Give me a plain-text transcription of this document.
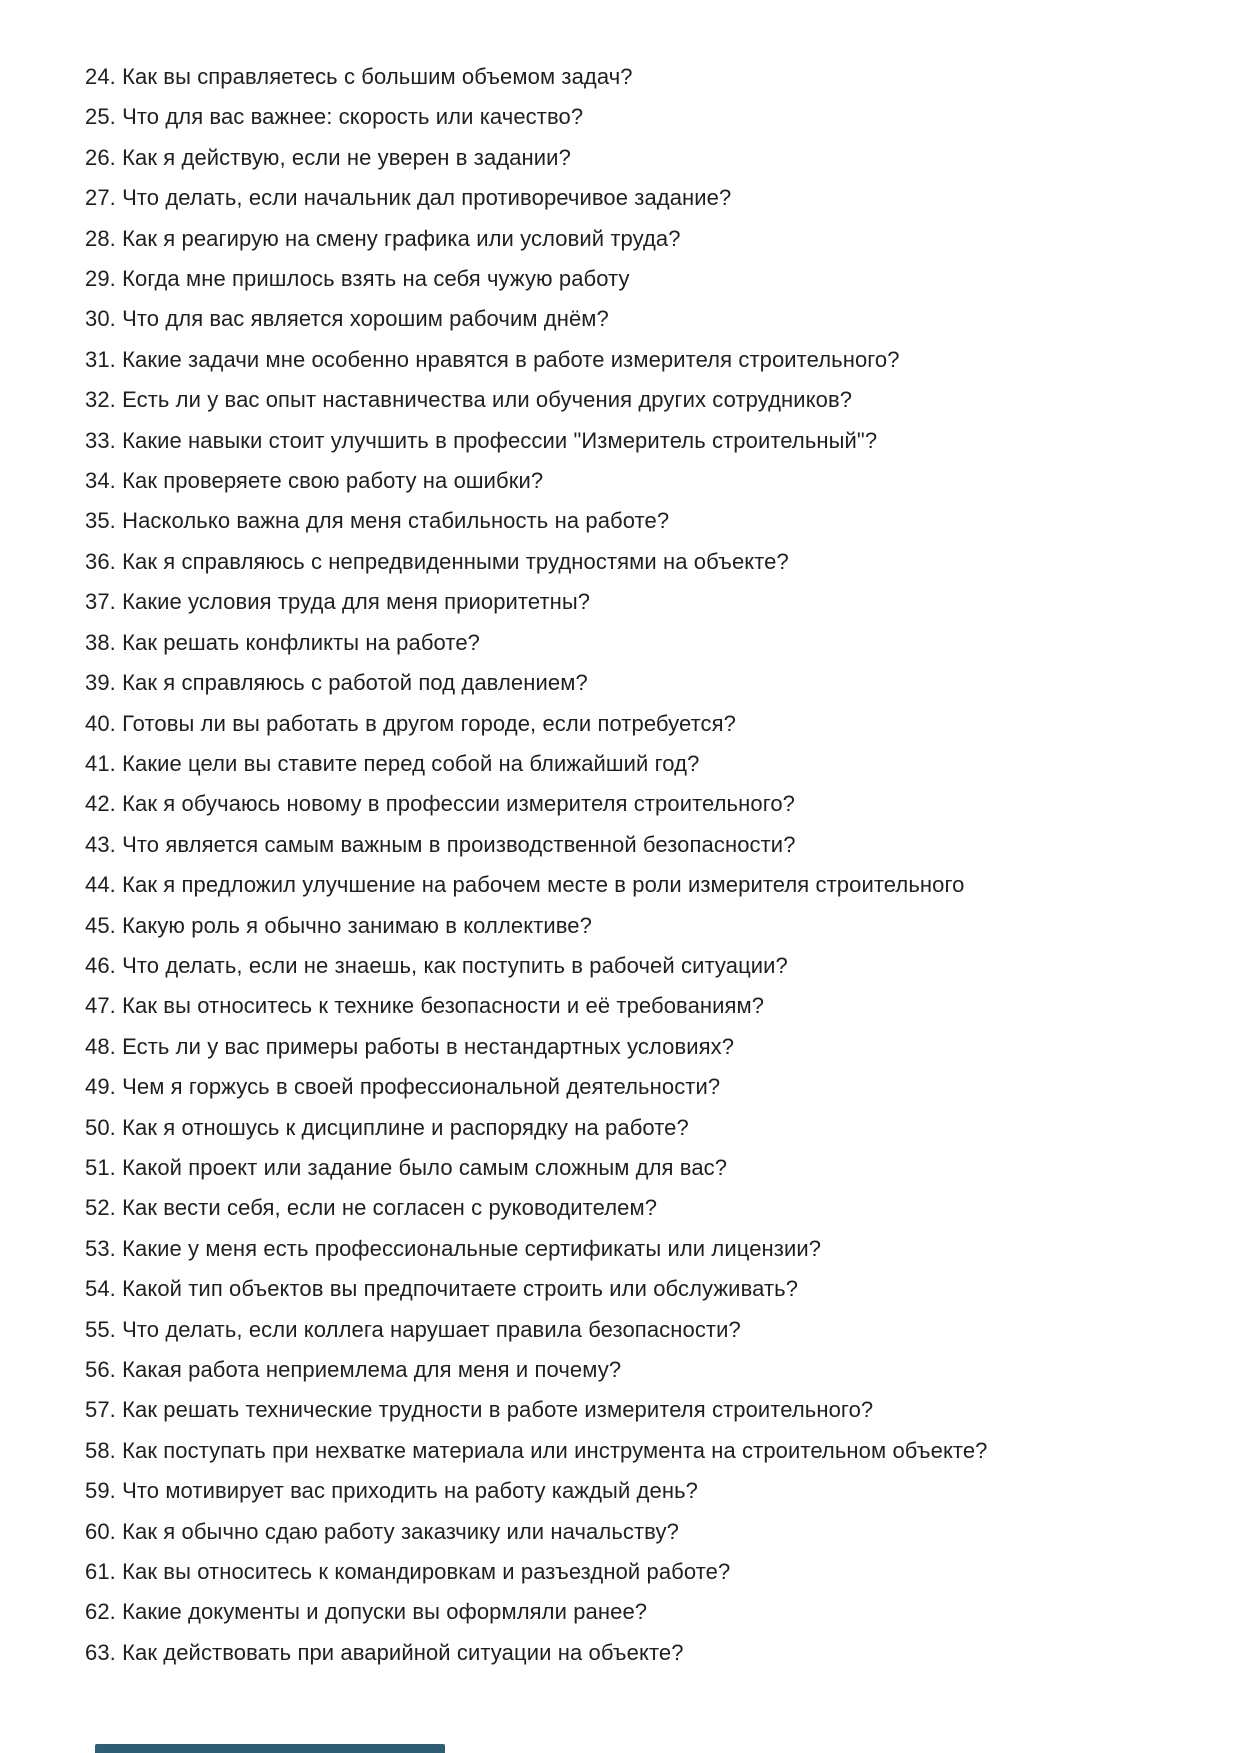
24. Как вы справляетесь с большим объемом задач?
25. Что для вас важнее: скорость или качество?
26. Как я действую, если не уверен в задании?
27. Что делать, если начальник дал противоречивое задание?
28. Как я реагирую на смену графика или условий труда?
29. Когда мне пришлось взять на себя чужую работу
30. Что для вас является хорошим рабочим днём?
31. Какие задачи мне особенно нравятся в работе измерителя строительного?
32. Есть ли у вас опыт наставничества или обучения других сотрудников?
33. Какие навыки стоит улучшить в профессии "Измеритель строительный"?
34. Как проверяете свою работу на ошибки?
35. Насколько важна для меня стабильность на работе?
36. Как я справляюсь с непредвиденными трудностями на объекте?
37. Какие условия труда для меня приоритетны?
38. Как решать конфликты на работе?
39. Как я справляюсь с работой под давлением?
40. Готовы ли вы работать в другом городе, если потребуется?
41. Какие цели вы ставите перед собой на ближайший год?
42. Как я обучаюсь новому в профессии измерителя строительного?
43. Что является самым важным в производственной безопасности?
44. Как я предложил улучшение на рабочем месте в роли измерителя строительного
45. Какую роль я обычно занимаю в коллективе?
46. Что делать, если не знаешь, как поступить в рабочей ситуации?
47. Как вы относитесь к технике безопасности и её требованиям?
48. Есть ли у вас примеры работы в нестандартных условиях?
49. Чем я горжусь в своей профессиональной деятельности?
50. Как я отношусь к дисциплине и распорядку на работе?
51. Какой проект или задание было самым сложным для вас?
52. Как вести себя, если не согласен с руководителем?
53. Какие у меня есть профессиональные сертификаты или лицензии?
54. Какой тип объектов вы предпочитаете строить или обслуживать?
55. Что делать, если коллега нарушает правила безопасности?
56. Какая работа неприемлема для меня и почему?
57. Как решать технические трудности в работе измерителя строительного?
58. Как поступать при нехватке материала или инструмента на строительном объекте?
59. Что мотивирует вас приходить на работу каждый день?
60. Как я обычно сдаю работу заказчику или начальству?
61. Как вы относитесь к командировкам и разъездной работе?
62. Какие документы и допуски вы оформляли ранее?
63. Как действовать при аварийной ситуации на объекте?
